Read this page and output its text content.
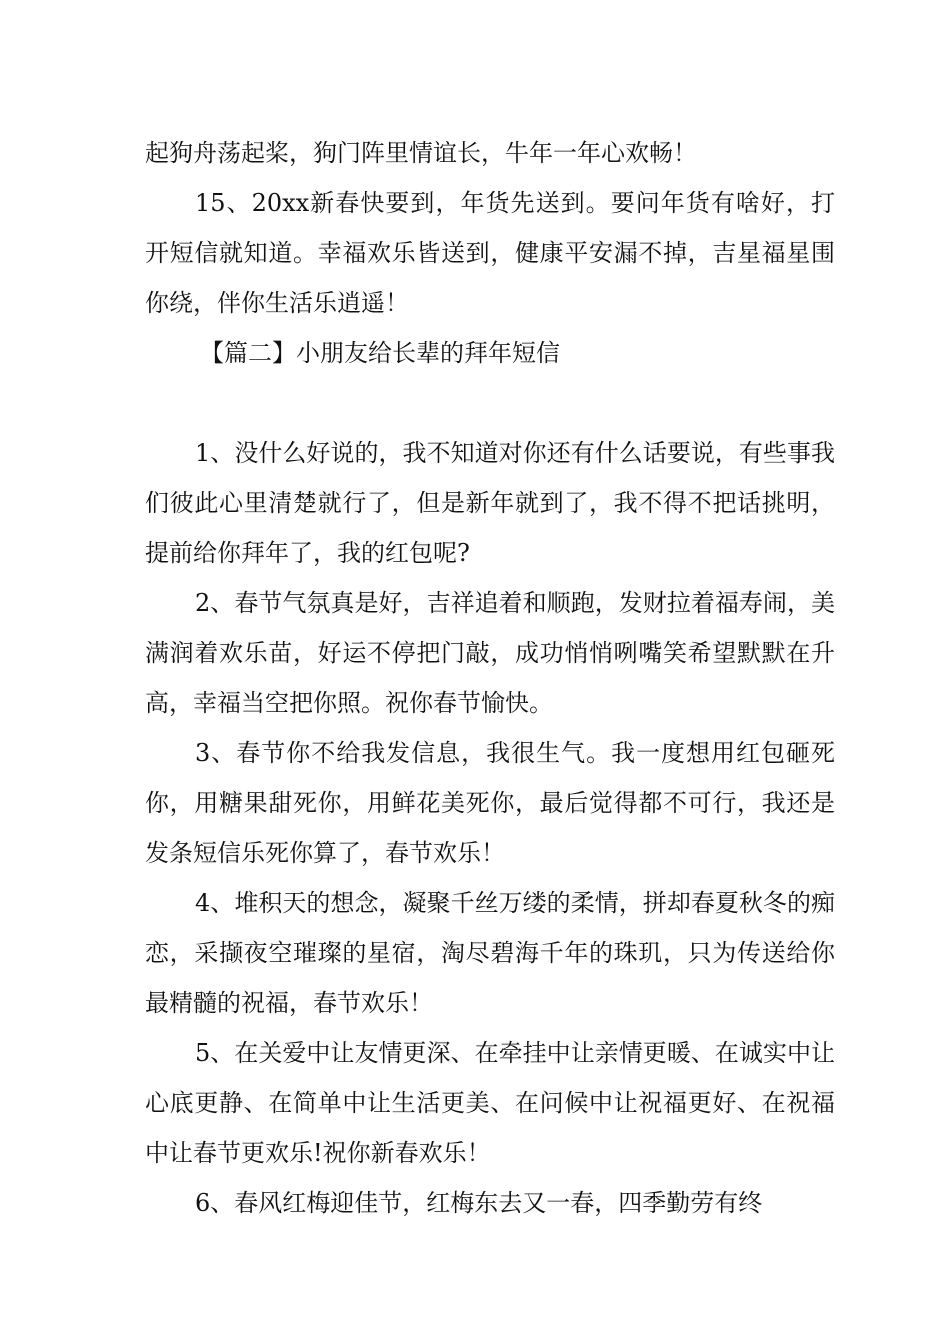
起狗舟荡起桨，狗门阵里情谊长，牛年一年心欢畅！

15、20xx新春快要到，年货先送到。要问年货有啥好，打开短信就知道。幸福欢乐皆送到，健康平安漏不掉，吉星福星围你绕，伴你生活乐逍遥！

【篇二】小朋友给长辈的拜年短信

1、没什么好说的，我不知道对你还有什么话要说，有些事我们彼此心里清楚就行了，但是新年就到了，我不得不把话挑明，提前给你拜年了，我的红包呢?

2、春节气氛真是好，吉祥追着和顺跑，发财拉着福寿闹，美满润着欢乐苗，好运不停把门敲，成功悄悄咧嘴笑希望默默在升高，幸福当空把你照。祝你春节愉快。

3、春节你不给我发信息，我很生气。我一度想用红包砸死你，用糖果甜死你，用鲜花美死你，最后觉得都不可行，我还是发条短信乐死你算了，春节欢乐！

4、堆积天的想念，凝聚千丝万缕的柔情，拼却春夏秋冬的痴恋，采撷夜空璀璨的星宿，淘尽碧海千年的珠玑，只为传送给你最精髓的祝福，春节欢乐！

5、在关爱中让友情更深、在牵挂中让亲情更暖、在诚实中让心底更静、在简单中让生活更美、在问候中让祝福更好、在祝福中让春节更欢乐!祝你新春欢乐！

6、春风红梅迎佳节，红梅东去又一春，四季勤劳有终
